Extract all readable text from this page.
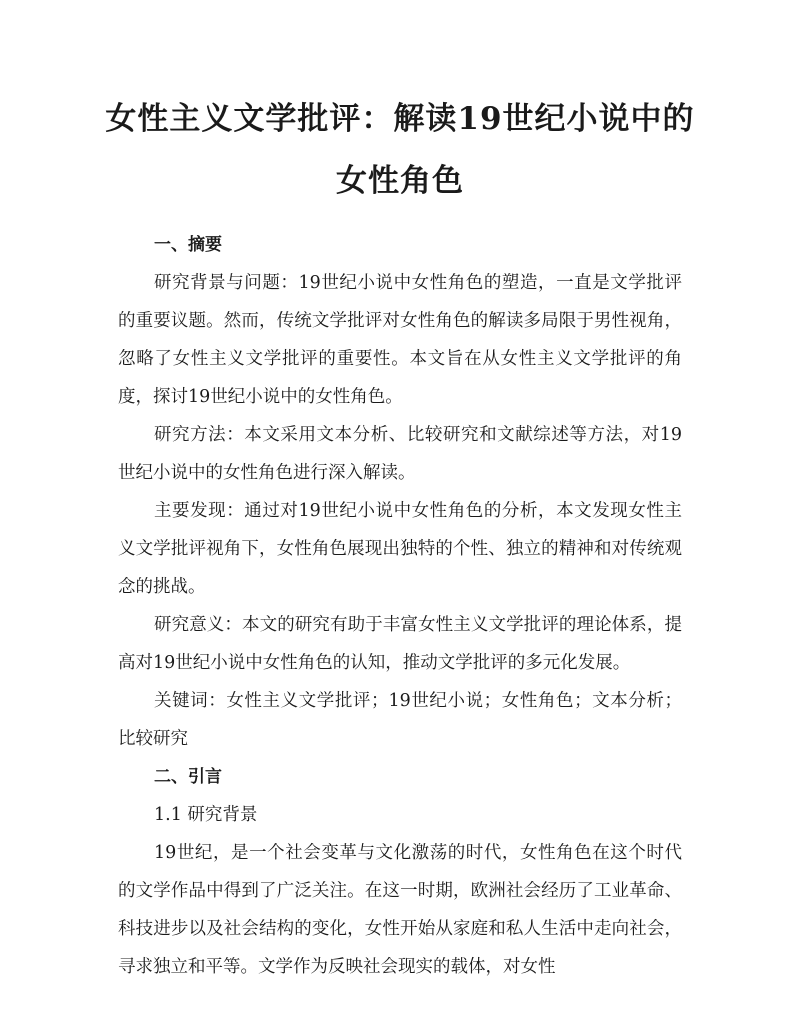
女性主义文学批评：解读19世纪小说中的女性角色
一、摘要

研究背景与问题：19世纪小说中女性角色的塑造，一直是文学批评的重要议题。然而，传统文学批评对女性角色的解读多局限于男性视角，忽略了女性主义文学批评的重要性。本文旨在从女性主义文学批评的角度，探讨19世纪小说中的女性角色。

研究方法：本文采用文本分析、比较研究和文献综述等方法，对19世纪小说中的女性角色进行深入解读。

主要发现：通过对19世纪小说中女性角色的分析，本文发现女性主义文学批评视角下，女性角色展现出独特的个性、独立的精神和对传统观念的挑战。

研究意义：本文的研究有助于丰富女性主义文学批评的理论体系，提高对19世纪小说中女性角色的认知，推动文学批评的多元化发展。

关键词：女性主义文学批评；19世纪小说；女性角色；文本分析；比较研究

二、引言
1.1 研究背景

19世纪，是一个社会变革与文化激荡的时代，女性角色在这个时代的文学作品中得到了广泛关注。在这一时期，欧洲社会经历了工业革命、科技进步以及社会结构的变化，女性开始从家庭和私人生活中走向社会，寻求独立和平等。文学作为反映社会现实的载体，对女性
